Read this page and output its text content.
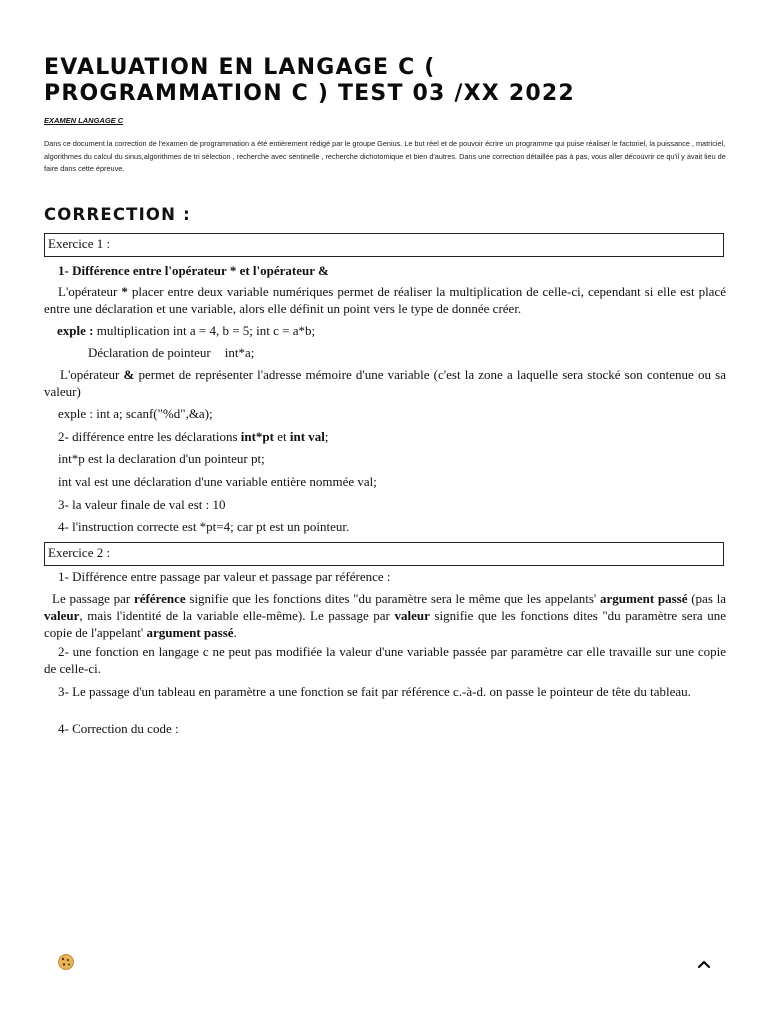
EVALUATION EN LANGAGE C (
PROGRAMMATION C ) TEST 03 /XX 2022
EXAMEN LANGAGE C
Dans ce document la correction de l'examen de programmation a été entièrement rédigé par le groupe Genius. Le but réel et de pouvoir écrire un programme qui puise réaliser le factoriel, la puissance , matriciel, algorithmes du calcul du sinus,algorithmes de tri sélection , recherche avec sentinelle , recherche dichotomique et bien d'autres. Dans une correction détaillée pas à pas, vous aller découvrir ce qu'il y avait lieu de faire dans cette épreuve.
CORRECTION :
Exercice 1 :
1- Différence entre l'opérateur * et l'opérateur &
L'opérateur * placer entre deux variable numériques permet de réaliser la multiplication de celle-ci, cependant si elle est placé entre une déclaration et une variable, alors elle définit un point vers le type de donnée créer.
exple : multiplication int a = 4, b = 5; int c = a*b;
Déclaration de pointeur int*a;
L'opérateur & permet de représenter l'adresse mémoire d'une variable (c'est la zone a laquelle sera stocké son contenue ou sa valeur)
exple : int a; scanf("%d",&a);
2- différence entre les déclarations int*pt et int val;
int*p est la declaration d'un pointeur pt;
int val est une déclaration d'une variable entière nommée val;
3- la valeur finale de val est : 10
4- l'instruction correcte est *pt=4; car pt est un pointeur.
Exercice 2 :
1- Différence entre passage par valeur et passage par référence :
Le passage par référence signifie que les fonctions dites "du paramètre sera le même que les appelants' argument passé (pas la valeur, mais l'identité de la variable elle-même). Le passage par valeur signifie que les fonctions dites "du paramètre sera une copie de l'appelant' argument passé.
2- une fonction en langage c ne peut pas modifiée la valeur d'une variable passée par paramètre car elle travaille sur une copie de celle-ci.
3- Le passage d'un tableau en paramètre a une fonction se fait par référence c.-à-d. on passe le pointeur de tête du tableau.
4- Correction du code :
